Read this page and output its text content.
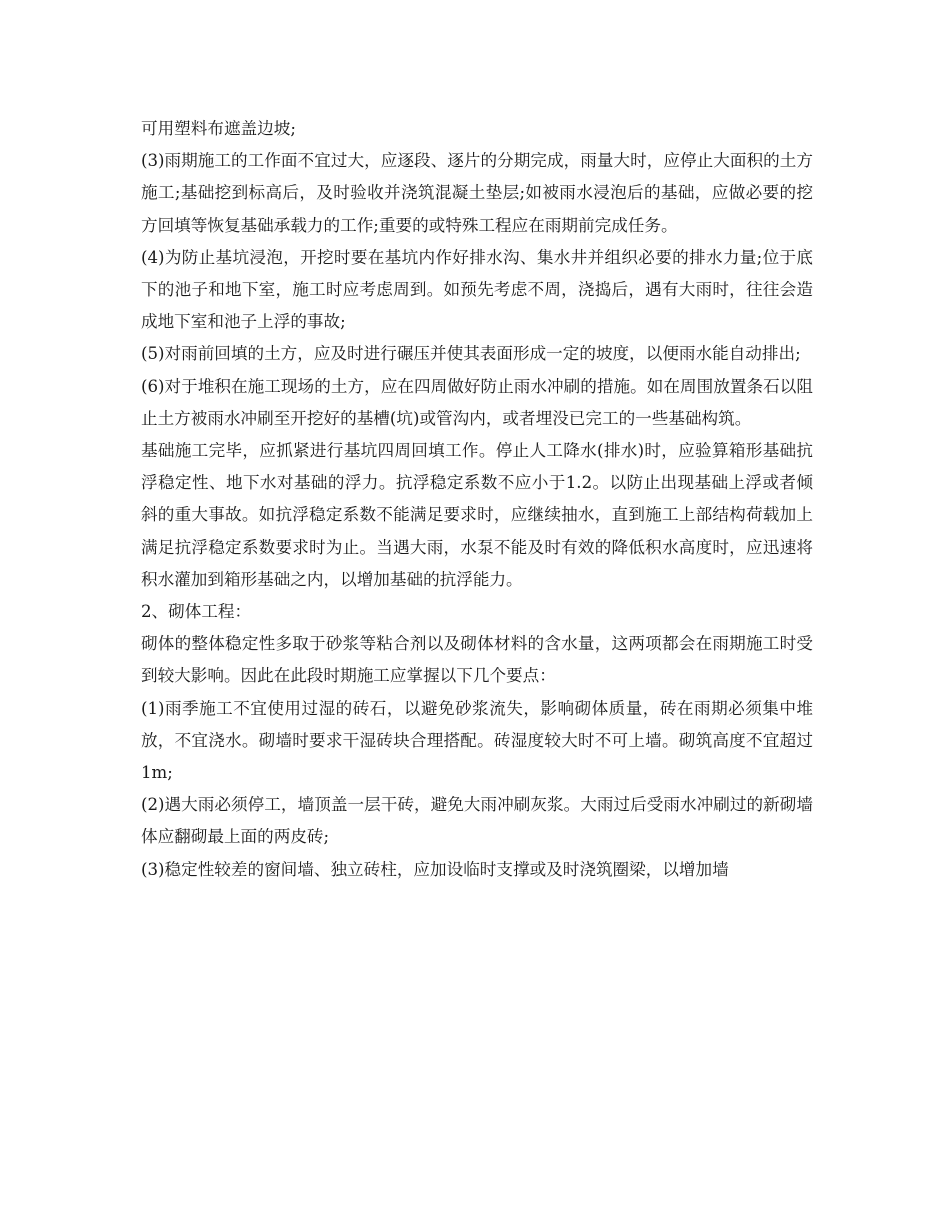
可用塑料布遮盖边坡;

(3)雨期施工的工作面不宜过大，应逐段、逐片的分期完成，雨量大时，应停止大面积的土方施工;基础挖到标高后，及时验收并浇筑混凝土垫层;如被雨水浸泡后的基础，应做必要的挖方回填等恢复基础承载力的工作;重要的或特殊工程应在雨期前完成任务。

(4)为防止基坑浸泡，开挖时要在基坑内作好排水沟、集水井并组织必要的排水力量;位于底下的池子和地下室，施工时应考虑周到。如预先考虑不周，浇捣后，遇有大雨时，往往会造成地下室和池子上浮的事故;

(5)对雨前回填的土方，应及时进行碾压并使其表面形成一定的坡度，以便雨水能自动排出;

(6)对于堆积在施工现场的土方，应在四周做好防止雨水冲刷的措施。如在周围放置条石以阻止土方被雨水冲刷至开挖好的基槽(坑)或管沟内，或者埋没已完工的一些基础构筑。

基础施工完毕，应抓紧进行基坑四周回填工作。停止人工降水(排水)时，应验算箱形基础抗浮稳定性、地下水对基础的浮力。抗浮稳定系数不应小于1.2。以防止出现基础上浮或者倾斜的重大事故。如抗浮稳定系数不能满足要求时，应继续抽水，直到施工上部结构荷载加上满足抗浮稳定系数要求时为止。当遇大雨，水泵不能及时有效的降低积水高度时，应迅速将积水灌加到箱形基础之内，以增加基础的抗浮能力。

2、砌体工程：

砌体的整体稳定性多取于砂浆等粘合剂以及砌体材料的含水量，这两项都会在雨期施工时受到较大影响。因此在此段时期施工应掌握以下几个要点：

(1)雨季施工不宜使用过湿的砖石，以避免砂浆流失，影响砌体质量，砖在雨期必须集中堆放，不宜浇水。砌墙时要求干湿砖块合理搭配。砖湿度较大时不可上墙。砌筑高度不宜超过1m;

(2)遇大雨必须停工，墙顶盖一层干砖，避免大雨冲刷灰浆。大雨过后受雨水冲刷过的新砌墙体应翻砌最上面的两皮砖;

(3)稳定性较差的窗间墙、独立砖柱，应加设临时支撑或及时浇筑圈梁，以增加墙
